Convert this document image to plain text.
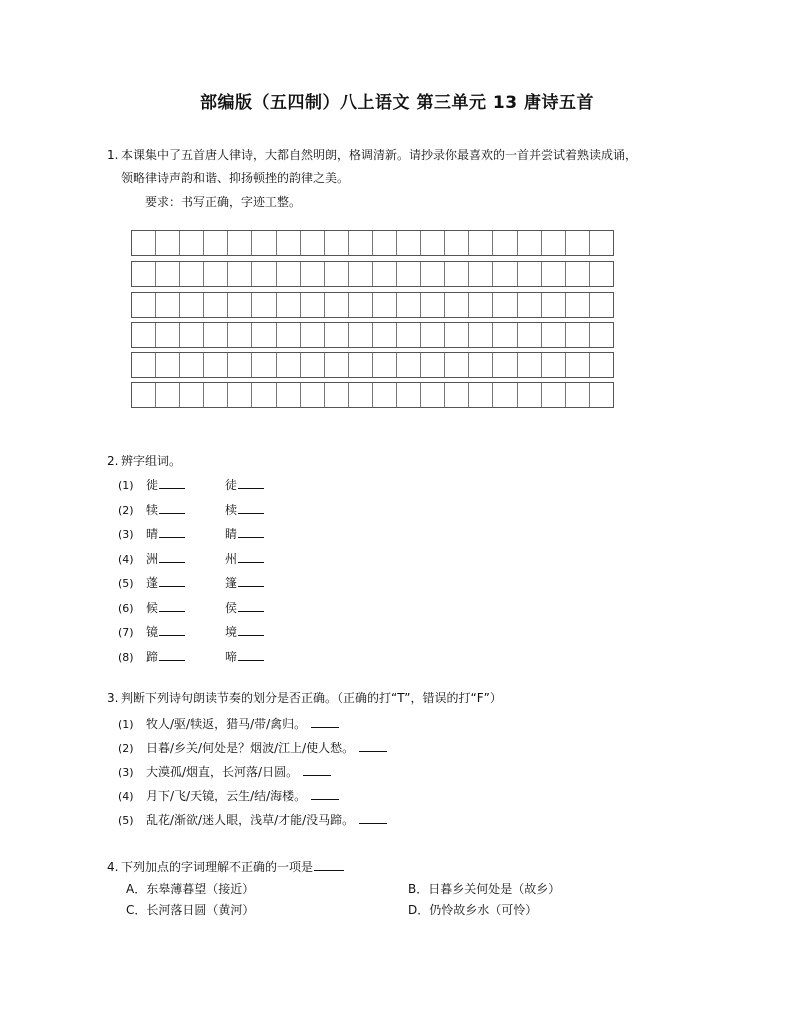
部编版（五四制）八上语文 第三单元 13 唐诗五首
1. 本课集中了五首唐人律诗，大都自然明朗，格调清新。请抄录你最喜欢的一首并尝试着熟读成诵，
领略律诗声韵和谐、抑扬顿挫的韵律之美。
要求：书写正确，字迹工整。
2. 辨字组词。
(1) 徙	徒
(2) 犊	椟
(3) 晴	睛
(4) 洲	州
(5) 蓬	篷
(6) 候	侯
(7) 镜	境
(8) 蹄	啼
3. 判断下列诗句朗读节奏的划分是否正确。（正确的打“T”，错误的打“F”）
(1) 牧人/驱/犊返，猎马/带/禽归。
(2) 日暮/乡关/何处是？烟波/江上/使人愁。
(3) 大漠孤/烟直，长河落/日圆。
(4) 月下/飞/天镜，云生/结/海楼。
(5) 乱花/渐欲/迷人眼，浅草/才能/没马蹄。
4. 下列加点的字词理解不正确的一项是
A．东皋薄暮望（接近）	B．日暮乡关何处是（故乡）
C．长河落日圆（黄河）	D．仍怜故乡水（可怜）
